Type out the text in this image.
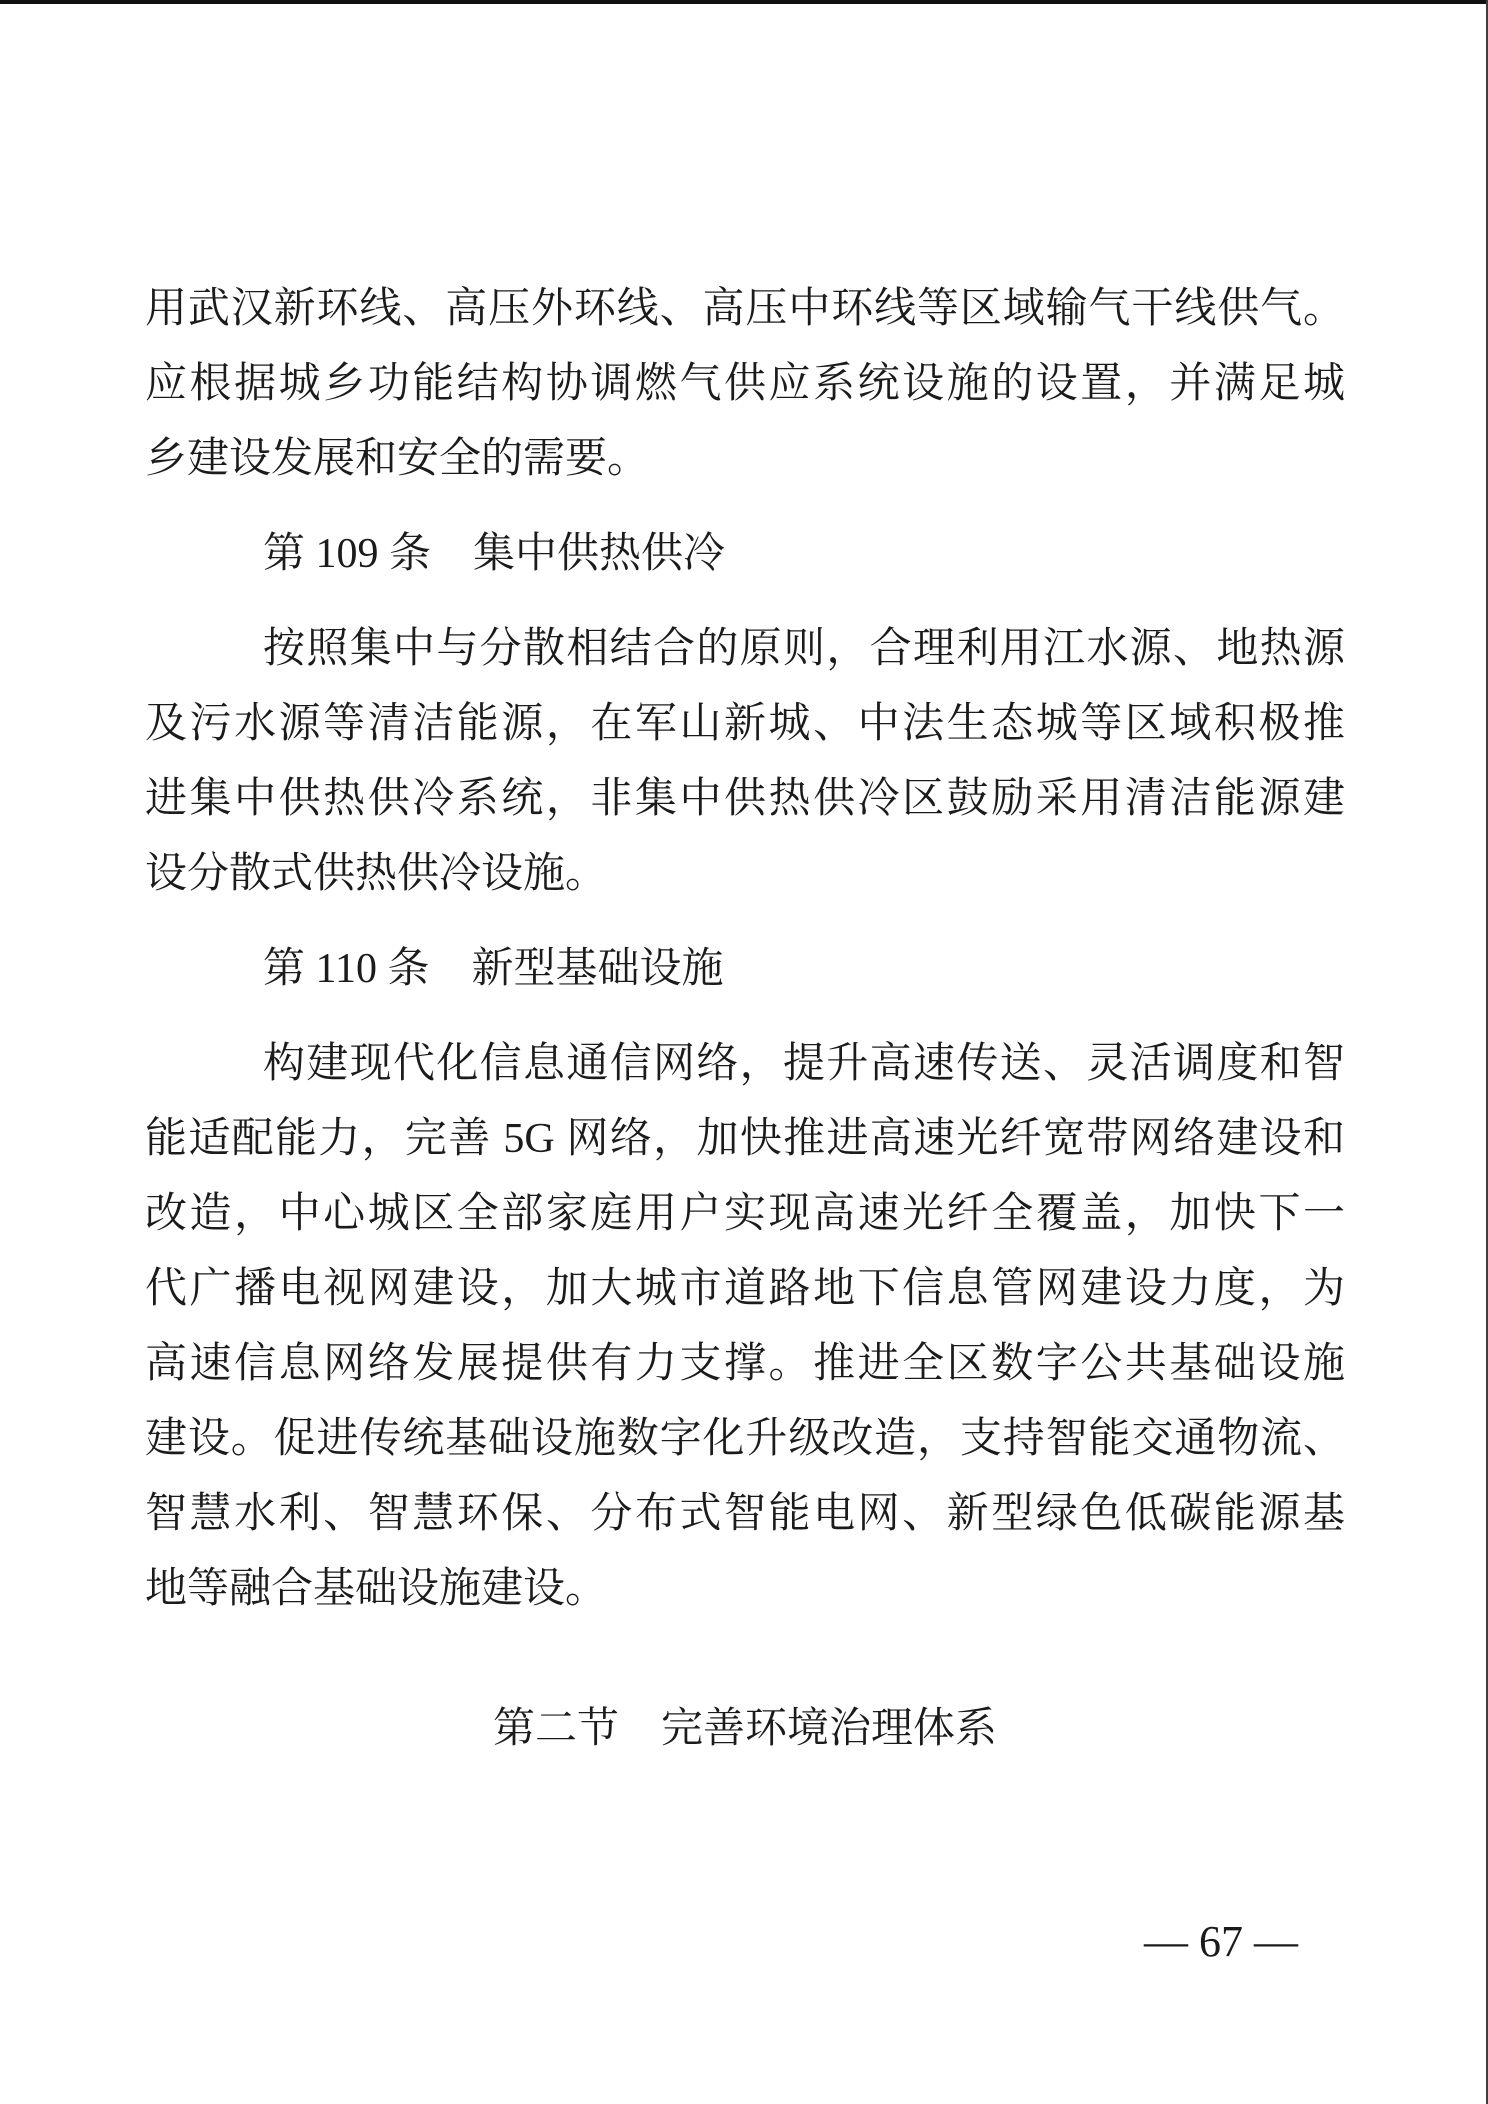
用武汉新环线、高压外环线、高压中环线等区域输气干线供气。
应根据城乡功能结构协调燃气供应系统设施的设置，并满足城
乡建设发展和安全的需要。
第 109 条　集中供热供冷
按照集中与分散相结合的原则，合理利用江水源、地热源
及污水源等清洁能源，在军山新城、中法生态城等区域积极推
进集中供热供冷系统，非集中供热供冷区鼓励采用清洁能源建
设分散式供热供冷设施。
第 110 条　新型基础设施
构建现代化信息通信网络，提升高速传送、灵活调度和智
能适配能力，完善 5G 网络，加快推进高速光纤宽带网络建设和
改造，中心城区全部家庭用户实现高速光纤全覆盖，加快下一
代广播电视网建设，加大城市道路地下信息管网建设力度，为
高速信息网络发展提供有力支撑。推进全区数字公共基础设施
建设。促进传统基础设施数字化升级改造，支持智能交通物流、
智慧水利、智慧环保、分布式智能电网、新型绿色低碳能源基
地等融合基础设施建设。
第二节　完善环境治理体系
— 67 —
